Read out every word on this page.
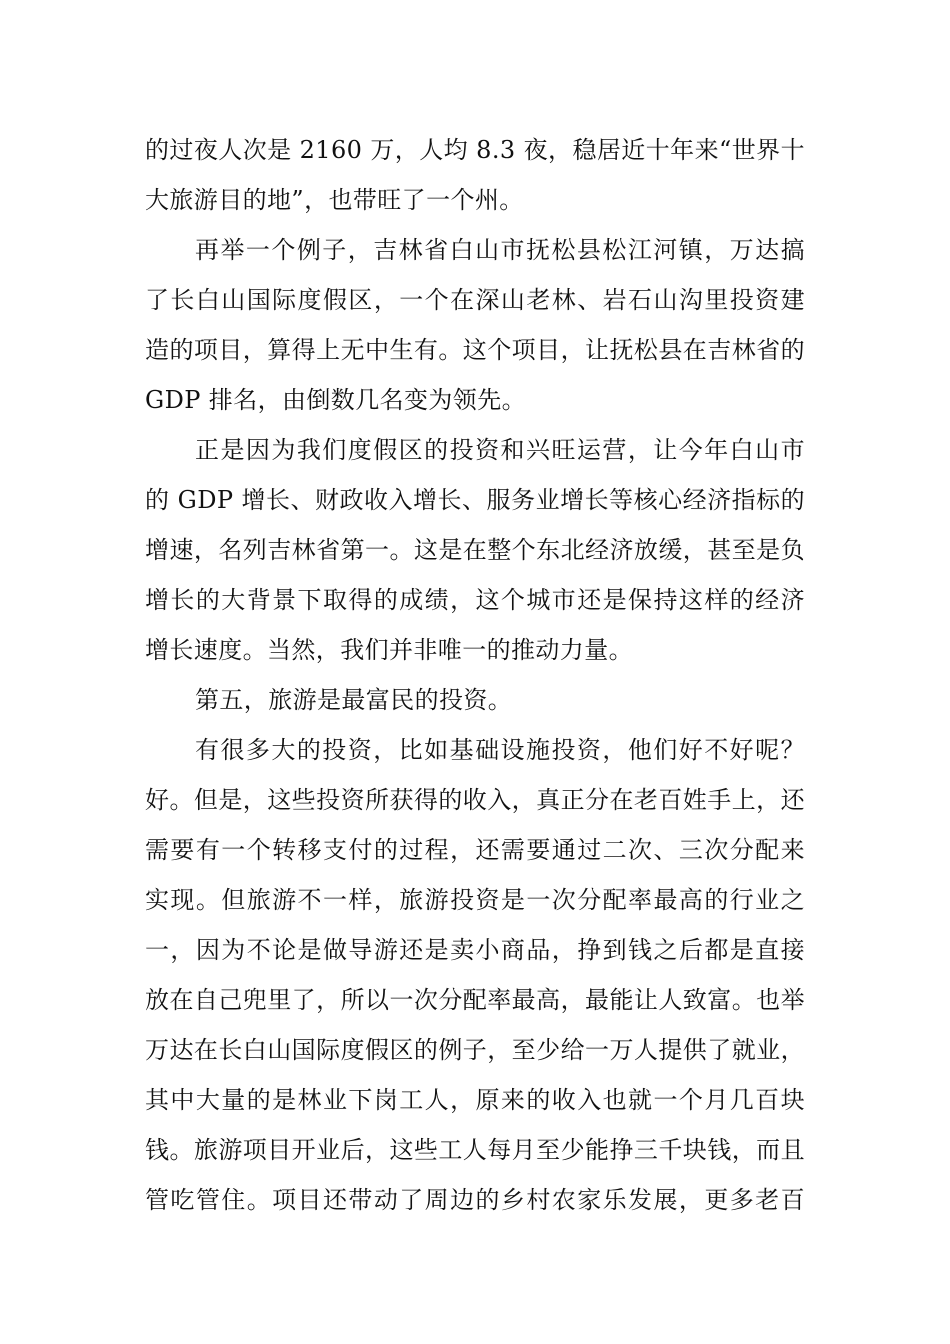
的过夜人次是 2160 万，人均 8.3 夜，稳居近十年来“世界十
大旅游目的地”，也带旺了一个州。
再举一个例子，吉林省白山市抚松县松江河镇，万达搞
了长白山国际度假区，一个在深山老林、岩石山沟里投资建
造的项目，算得上无中生有。这个项目，让抚松县在吉林省的
GDP 排名，由倒数几名变为领先。
正是因为我们度假区的投资和兴旺运营，让今年白山市
的 GDP 增长、财政收入增长、服务业增长等核心经济指标的
增速，名列吉林省第一。这是在整个东北经济放缓，甚至是负
增长的大背景下取得的成绩，这个城市还是保持这样的经济
增长速度。当然，我们并非唯一的推动力量。
第五，旅游是最富民的投资。
有很多大的投资，比如基础设施投资，他们好不好呢？
好。但是，这些投资所获得的收入，真正分在老百姓手上，还
需要有一个转移支付的过程，还需要通过二次、三次分配来
实现。但旅游不一样，旅游投资是一次分配率最高的行业之
一，因为不论是做导游还是卖小商品，挣到钱之后都是直接
放在自己兜里了，所以一次分配率最高，最能让人致富。也举
万达在长白山国际度假区的例子，至少给一万人提供了就业，
其中大量的是林业下岗工人，原来的收入也就一个月几百块
钱。旅游项目开业后，这些工人每月至少能挣三千块钱，而且
管吃管住。项目还带动了周边的乡村农家乐发展，更多老百
